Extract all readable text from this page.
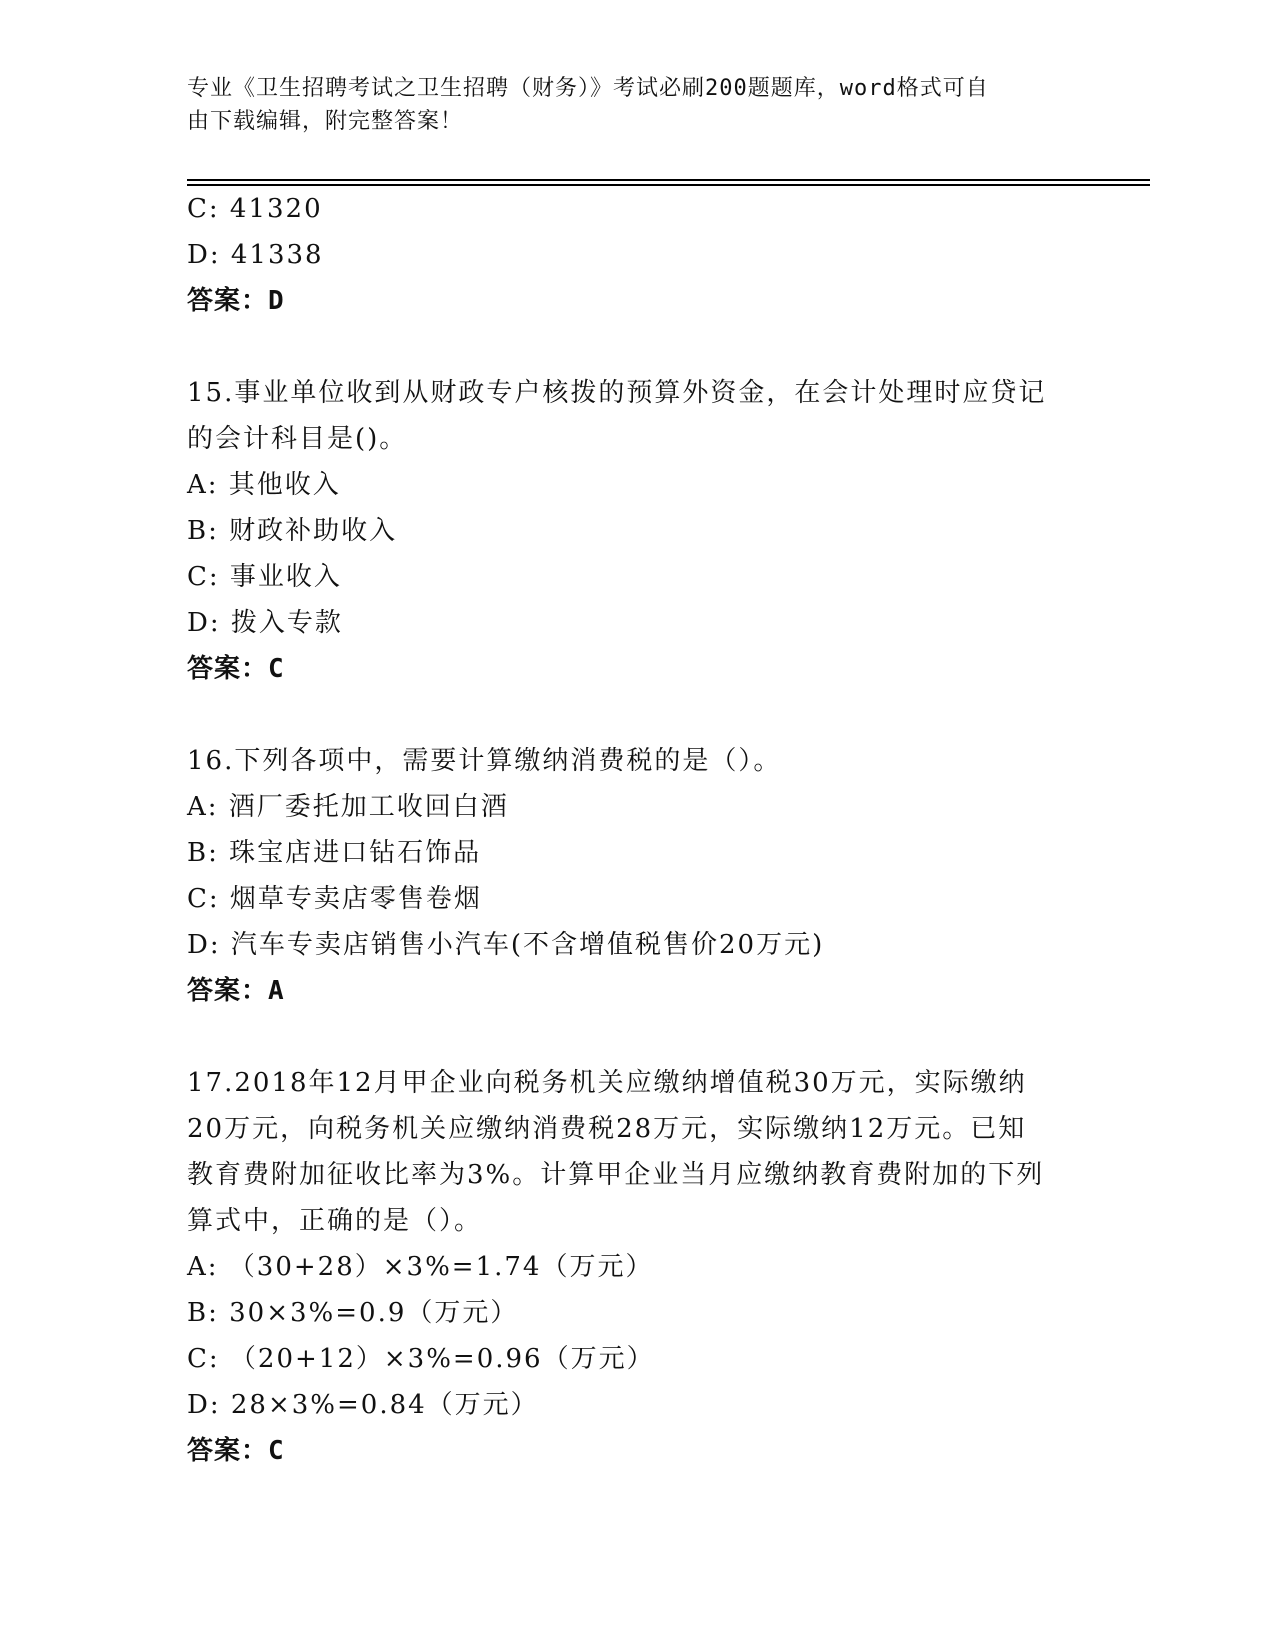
专业《卫生招聘考试之卫生招聘（财务）》考试必刷200题题库，word格式可自
由下载编辑，附完整答案！
C: 41320
D: 41338
答案：D
15.事业单位收到从财政专户核拨的预算外资金，在会计处理时应贷记
的会计科目是()。
A: 其他收入
B: 财政补助收入
C: 事业收入
D: 拨入专款
答案：C
16.下列各项中，需要计算缴纳消费税的是（）。
A: 酒厂委托加工收回白酒
B: 珠宝店进口钻石饰品
C: 烟草专卖店零售卷烟
D: 汽车专卖店销售小汽车(不含增值税售价20万元)
答案：A
17.2018年12月甲企业向税务机关应缴纳增值税30万元，实际缴纳
20万元，向税务机关应缴纳消费税28万元，实际缴纳12万元。已知
教育费附加征收比率为3%。计算甲企业当月应缴纳教育费附加的下列
算式中，正确的是（）。
A: （30+28）×3%=1.74（万元）
B: 30×3%=0.9（万元）
C: （20+12）×3%=0.96（万元）
D: 28×3%=0.84（万元）
答案：C
